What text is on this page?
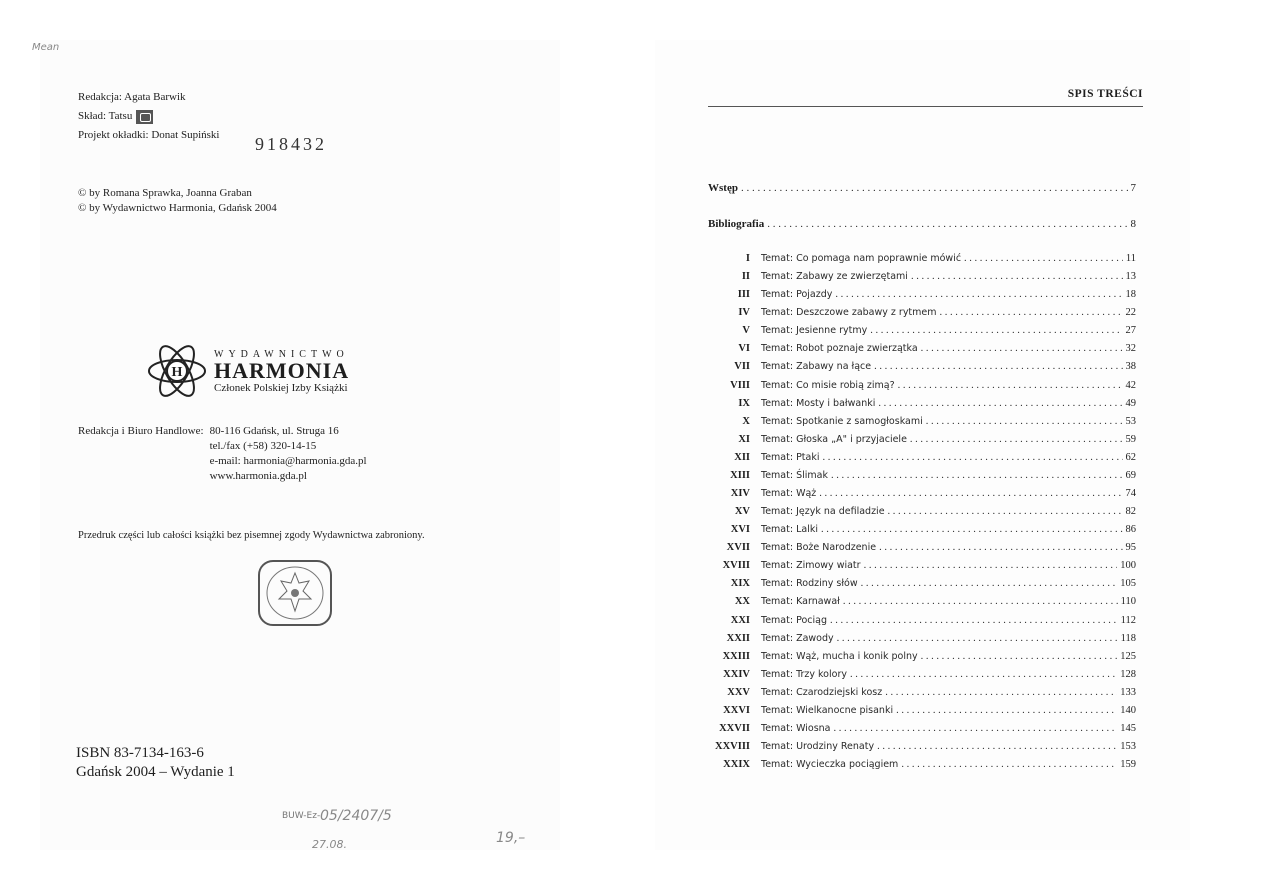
Mean
Redakcja: Agata Barwik
Skład: Tatsu
Projekt okładki: Donat Supiński 918432
© by Romana Sprawka, Joanna Graban
© by Wydawnictwo Harmonia, Gdańsk 2004
H
WYDAWNICTWO
HARMONIA
Członek Polskiej Izby Książki
Redakcja i Biuro Handlowe: 80-116 Gdańsk, ul. Struga 16
tel./fax (+58) 320-14-15
e-mail: harmonia@harmonia.gda.pl
www.harmonia.gda.pl
Przedruk części lub całości książki bez pisemnej zgody Wydawnictwa zabroniony.
ISBN 83-7134-163-6
Gdańsk 2004 – Wydanie 1
BUW-Ez- 05/2407/5
27.08.	19,–
SPIS TREŚCI
Wstęp . . .	7
Bibliografia . . .	8
I	Temat: Co pomaga nam poprawnie mówić . . .	11
II	Temat: Zabawy ze zwierzętami . . .	13
III	Temat: Pojazdy . . .	18
IV	Temat: Deszczowe zabawy z rytmem . . .	22
V	Temat: Jesienne rytmy . . .	27
VI	Temat: Robot poznaje zwierzątka . . .	32
VII	Temat: Zabawy na łące . . .	38
VIII	Temat: Co misie robią zimą? . . .	42
IX	Temat: Mosty i bałwanki . . .	49
X	Temat: Spotkanie z samogłoskami . . .	53
XI	Temat: Głoska „A" i przyjaciele . . .	59
XII	Temat: Ptaki . . .	62
XIII	Temat: Ślimak . . .	69
XIV	Temat: Wąż . . .	74
XV	Temat: Język na defiladzie . . .	82
XVI	Temat: Lalki . . .	86
XVII	Temat: Boże Narodzenie . . .	95
XVIII	Temat: Zimowy wiatr . . .	100
XIX	Temat: Rodziny słów . . .	105
XX	Temat: Karnawał . . .	110
XXI	Temat: Pociąg . . .	112
XXII	Temat: Zawody . . .	118
XXIII	Temat: Wąż, mucha i konik polny . . .	125
XXIV	Temat: Trzy kolory . . .	128
XXV	Temat: Czarodziejski kosz . . .	133
XXVI	Temat: Wielkanocne pisanki . . .	140
XXVII	Temat: Wiosna . . .	145
XXVIII	Temat: Urodziny Renaty . . .	153
XXIX	Temat: Wycieczka pociągiem . . .	159
